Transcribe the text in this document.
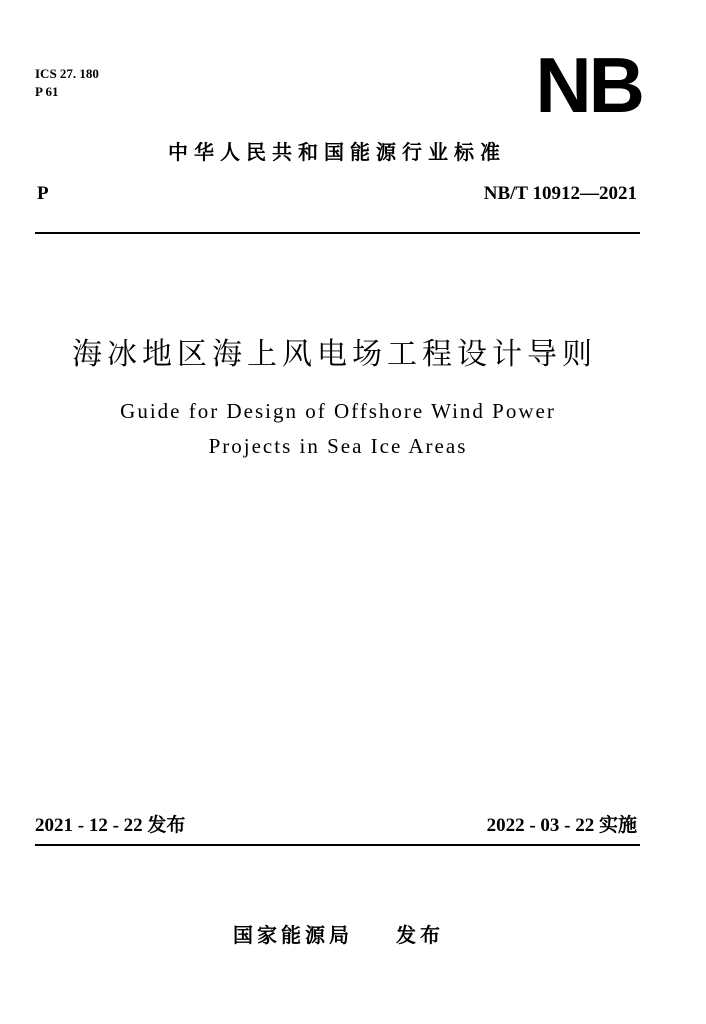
ICS 27. 180
P 61	NB
中华人民共和国能源行业标准
P	NB/T 10912—2021
海冰地区海上风电场工程设计导则
Guide for Design of Offshore Wind Power
Projects in Sea Ice Areas
2021 - 12 - 22 发布	2022 - 03 - 22 实施
国家能源局 发布
